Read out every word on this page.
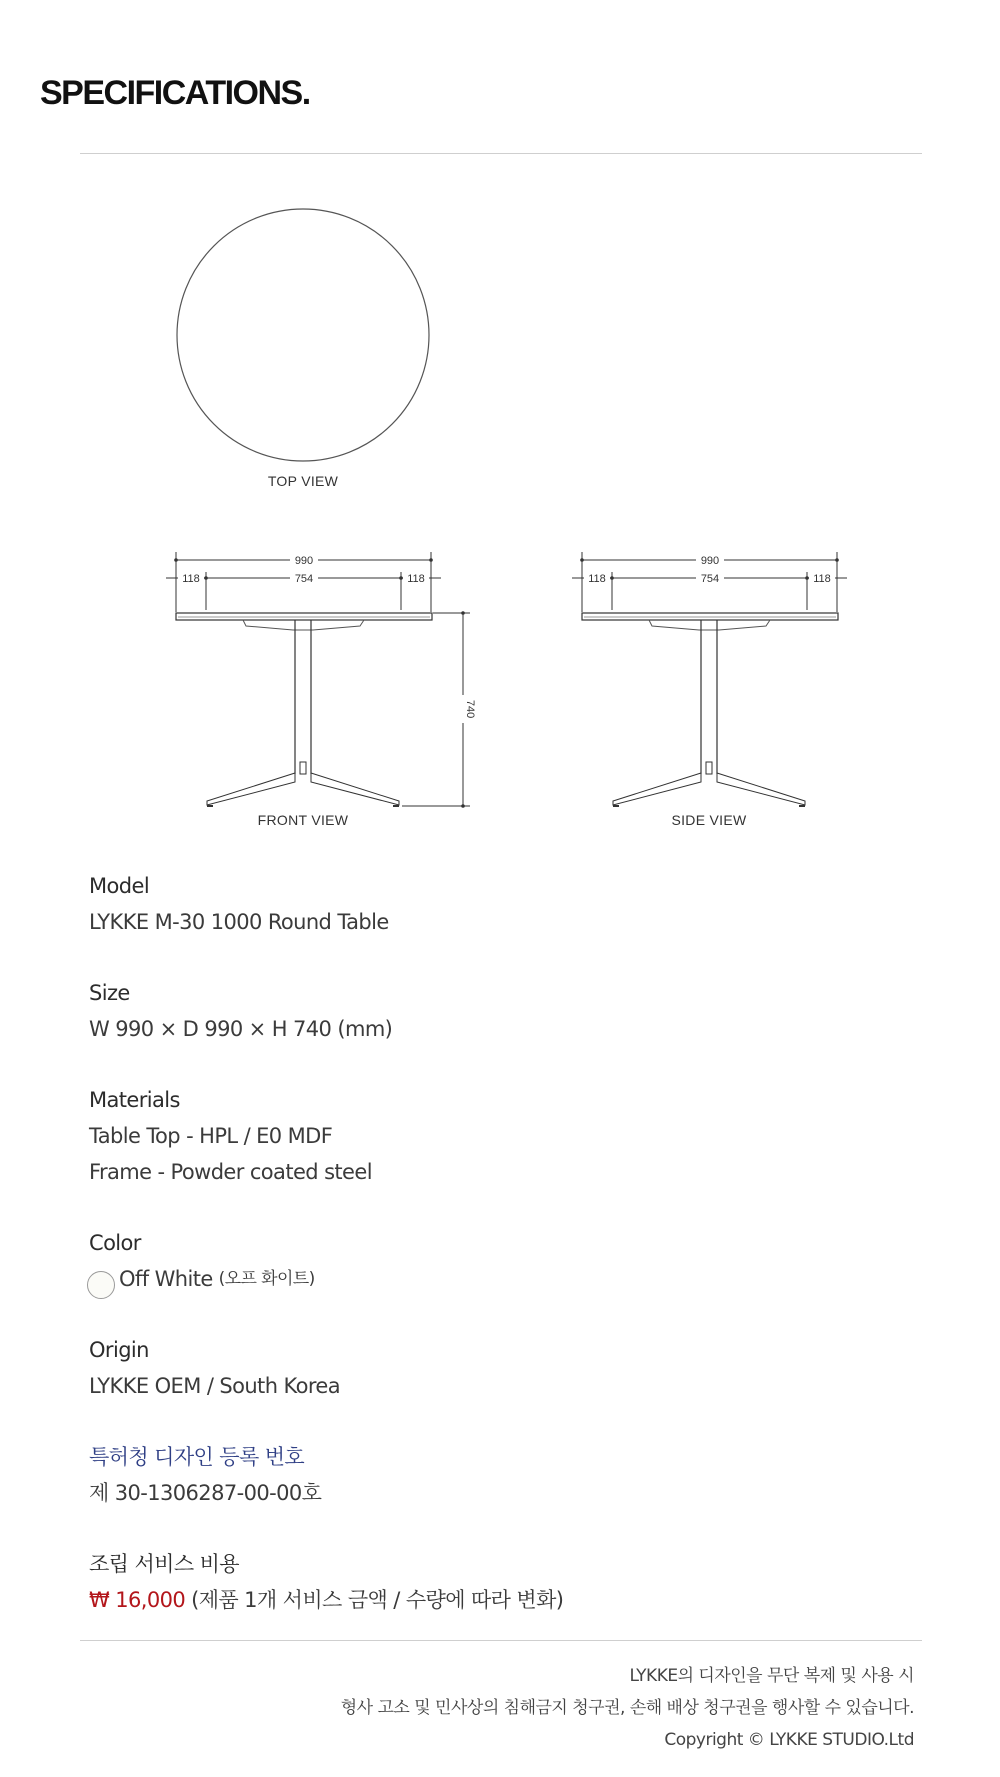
SPECIFICATIONS.
TOP VIEW
990
118	754	118
740
FRONT VIEW
990
118	754	118
SIDE VIEW
Model
LYKKE M-30 1000 Round Table
Size
W 990 × D 990 × H 740 (mm)
Materials
Table Top - HPL / E0 MDF
Frame - Powder coated steel
Color
Off White (오프 화이트)
Origin
LYKKE OEM / South Korea
특허청 디자인 등록 번호
제 30-1306287-00-00호
조립 서비스 비용
₩ 16,000 (제품 1개 서비스 금액 / 수량에 따라 변화)
LYKKE의 디자인을 무단 복제 및 사용 시
형사 고소 및 민사상의 침해금지 청구권, 손해 배상 청구권을 행사할 수 있습니다.
Copyright © LYKKE STUDIO.Ltd
